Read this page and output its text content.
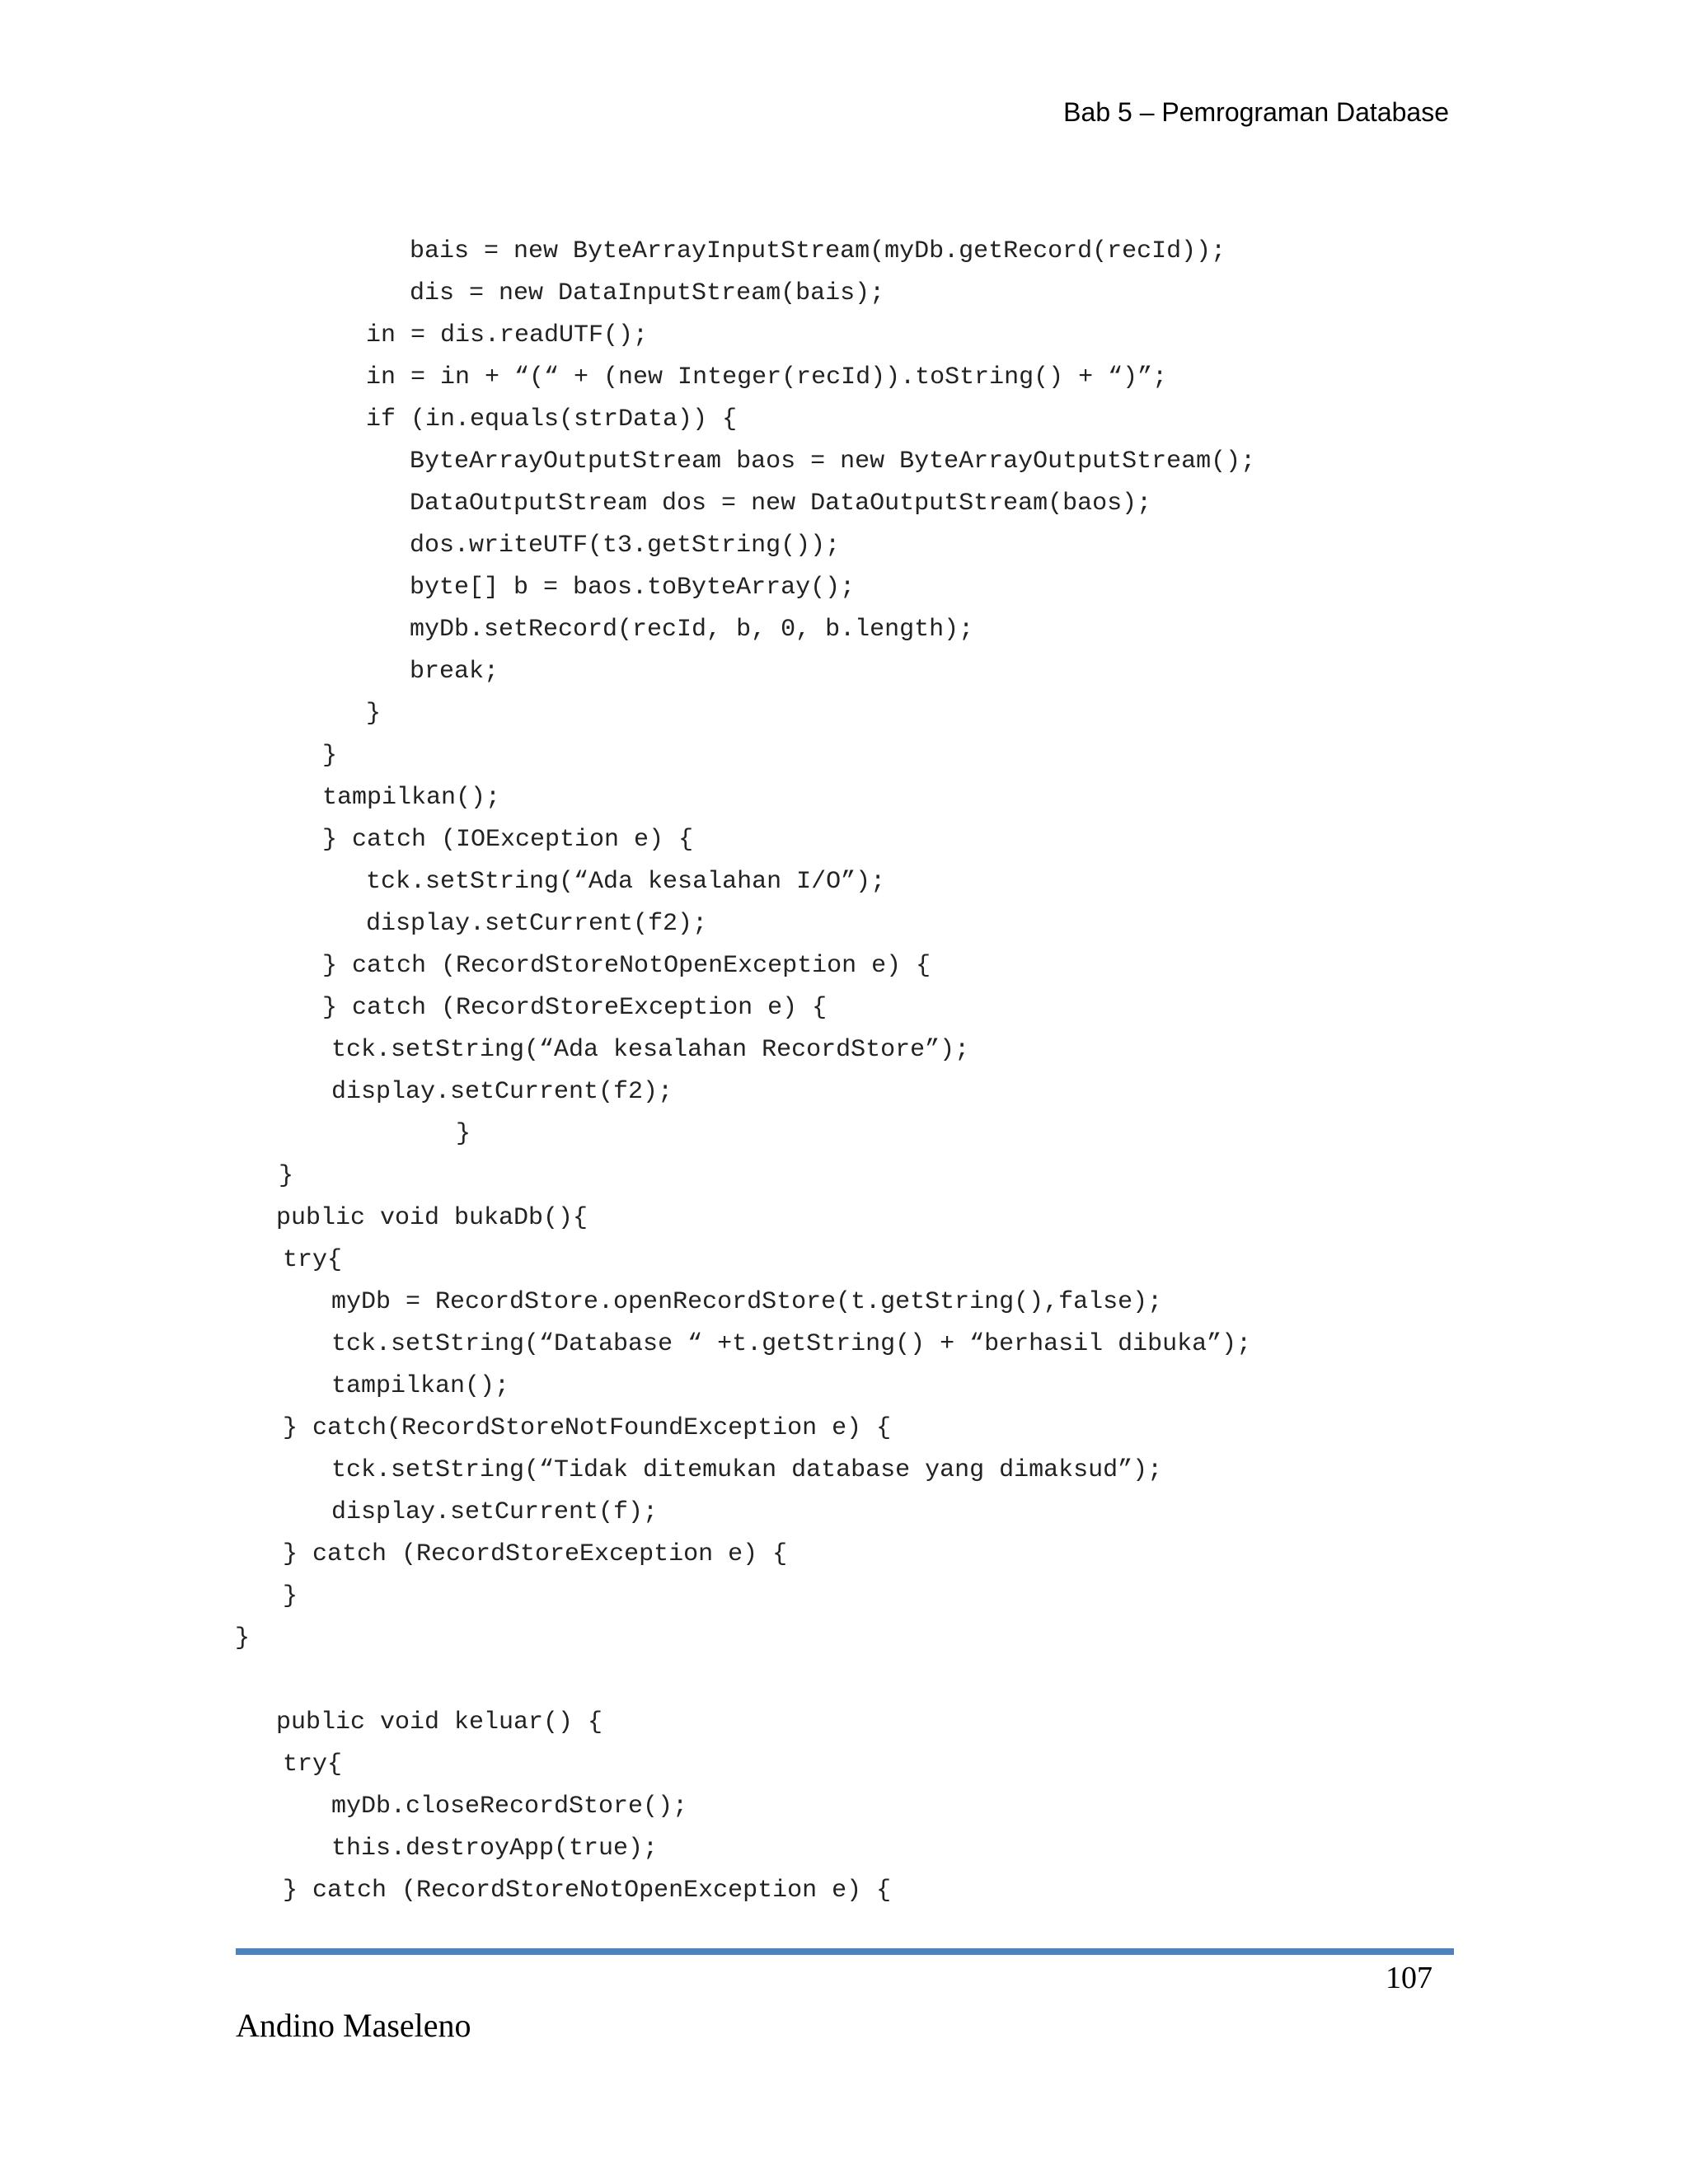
Bab 5 – Pemrograman Database
bais = new ByteArrayInputStream(myDb.getRecord(recId));
dis = new DataInputStream(bais);
in = dis.readUTF();
in = in + “(“ + (new Integer(recId)).toString() + “)”;
if (in.equals(strData)) {
ByteArrayOutputStream baos = new ByteArrayOutputStream();
DataOutputStream dos = new DataOutputStream(baos);
dos.writeUTF(t3.getString());
byte[] b = baos.toByteArray();
myDb.setRecord(recId, b, 0, b.length);
break;
}
}
tampilkan();
} catch (IOException e) {
tck.setString(“Ada kesalahan I/O”);
display.setCurrent(f2);
} catch (RecordStoreNotOpenException e) {
} catch (RecordStoreException e) {
tck.setString(“Ada kesalahan RecordStore”);
display.setCurrent(f2);
}
}
public void bukaDb(){
try{
myDb = RecordStore.openRecordStore(t.getString(),false);
tck.setString(“Database “ +t.getString() + “berhasil dibuka”);
tampilkan();
} catch(RecordStoreNotFoundException e) {
tck.setString(“Tidak ditemukan database yang dimaksud”);
display.setCurrent(f);
} catch (RecordStoreException e) {
}
}
public void keluar() {
try{
myDb.closeRecordStore();
this.destroyApp(true);
} catch (RecordStoreNotOpenException e) {
107
Andino Maseleno
